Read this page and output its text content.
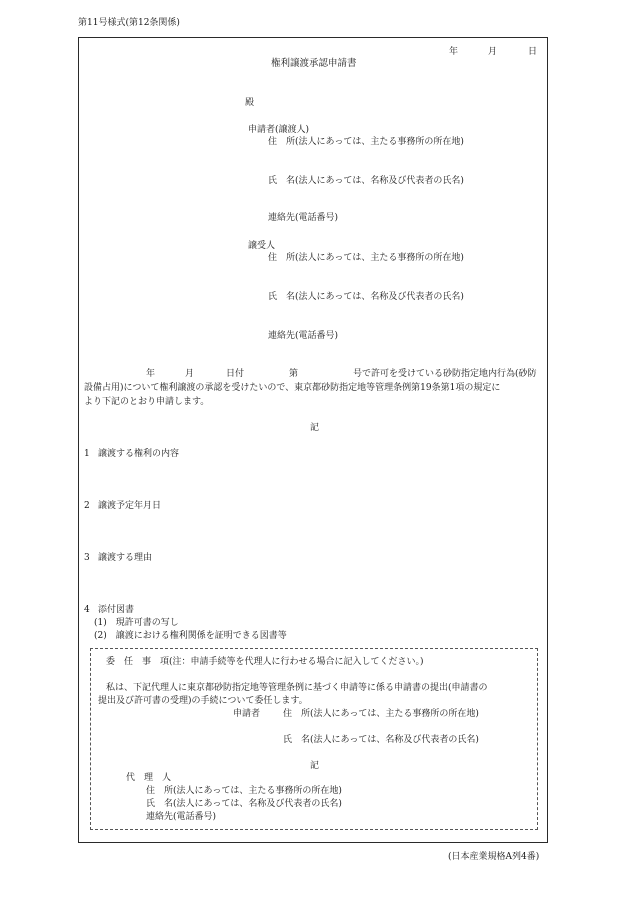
第11号様式(第12条関係)
年	月	日
権利譲渡承認申請書
殿
申請者(譲渡人)
住　所(法人にあっては、主たる事務所の所在地)
氏　名(法人にあっては、名称及び代表者の氏名)
連絡先(電話番号)
譲受人
住　所(法人にあっては、主たる事務所の所在地)
氏　名(法人にあっては、名称及び代表者の氏名)
連絡先(電話番号)
年	月	日付	第	号で許可を受けている砂防指定地内行為(砂防
設備占用)について権利譲渡の承認を受けたいので、東京都砂防指定地等管理条例第19条第1項の規定に
より下記のとおり申請します。
記
1 譲渡する権利の内容
2 譲渡予定年月日
3 譲渡する理由
4 添付図書
(1)　現許可書の写し
(2)　譲渡における権利関係を証明できる図書等
委　任　事　項(注：申請手続等を代理人に行わせる場合に記入してください。)
私は、下記代理人に東京都砂防指定地等管理条例に基づく申請等に係る申請書の提出(申請書の
提出及び許可書の受理)の手続について委任します。
申請者	住　所(法人にあっては、主たる事務所の所在地)
氏　名(法人にあっては、名称及び代表者の氏名)
記
代　理　人
住　所(法人にあっては、主たる事務所の所在地)
氏　名(法人にあっては、名称及び代表者の氏名)
連絡先(電話番号)
(日本産業規格A列4番)
